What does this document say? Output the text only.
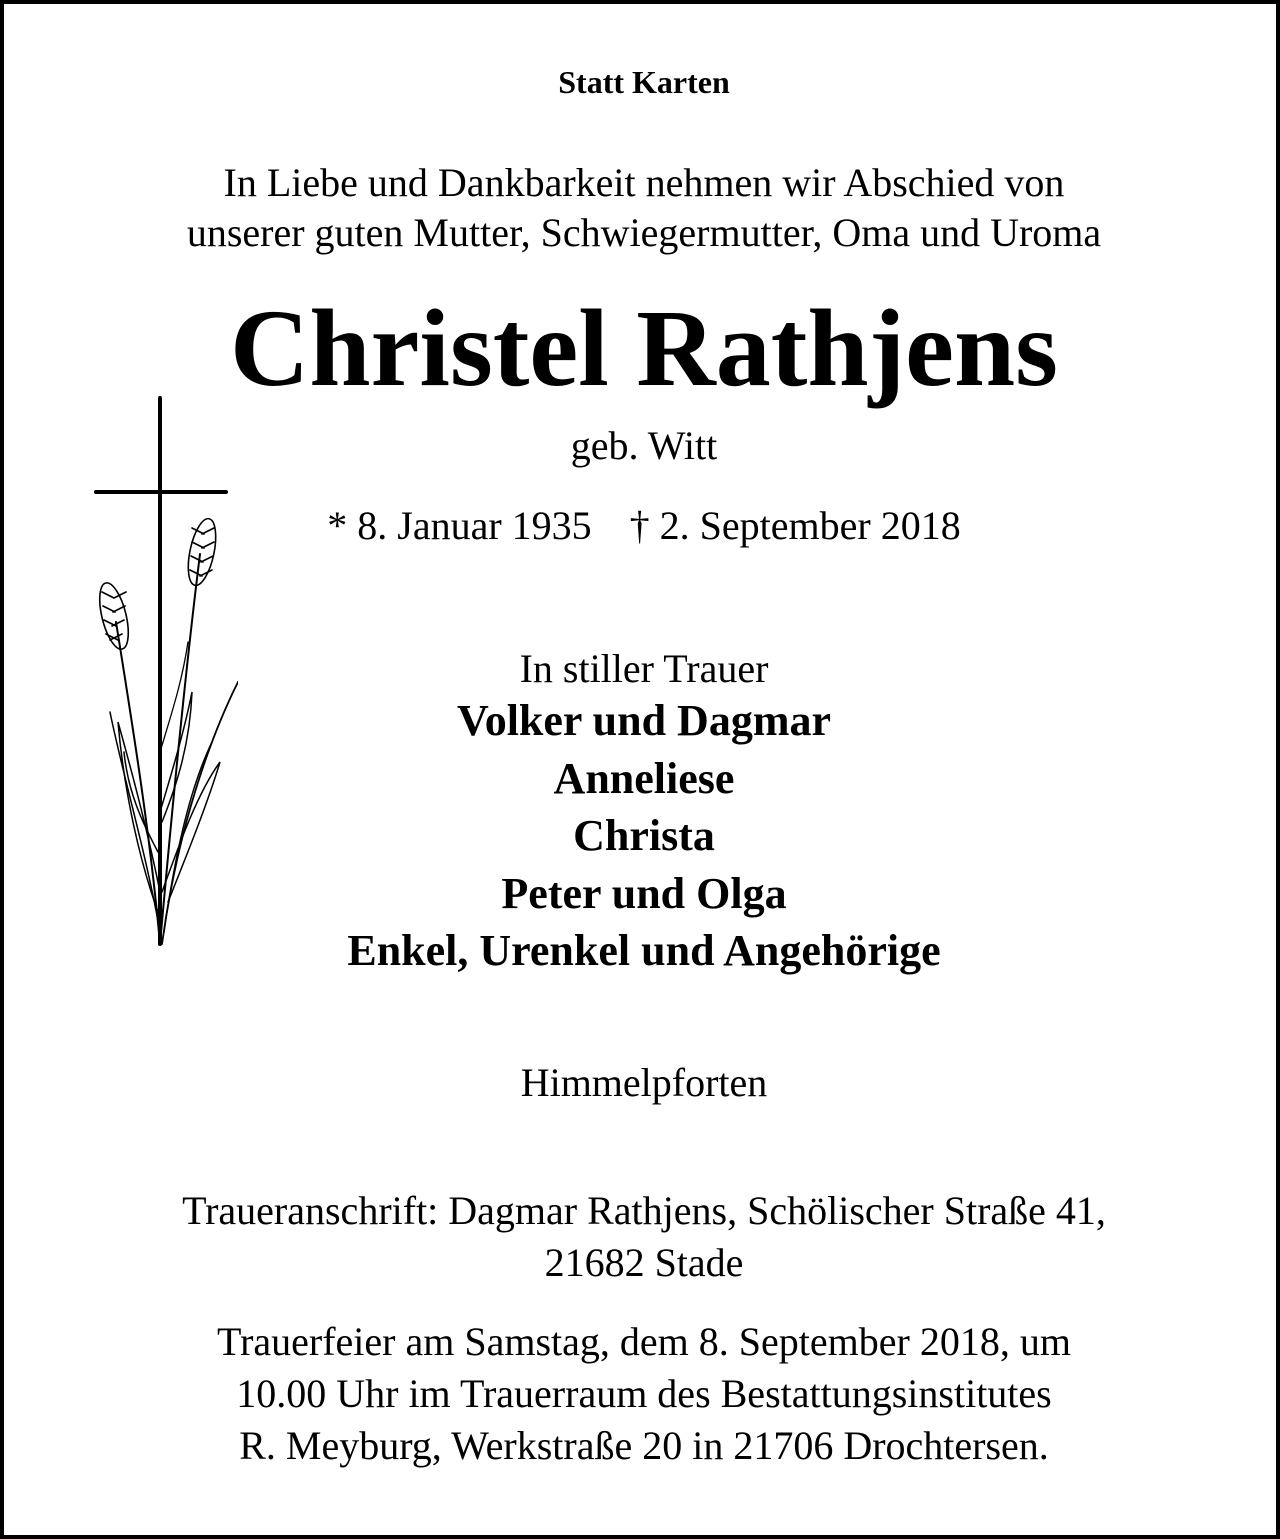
Statt Karten
In Liebe und Dankbarkeit nehmen wir Abschied von
unserer guten Mutter, Schwiegermutter, Oma und Uroma
Christel Rathjens
geb. Witt
* 8. Januar 1935 † 2. September 2018
In stiller Trauer
Volker und Dagmar
Anneliese
Christa
Peter und Olga
Enkel, Urenkel und Angehörige
Himmelpforten
Traueranschrift: Dagmar Rathjens, Schölischer Straße 41,
21682 Stade
Trauerfeier am Samstag, dem 8. September 2018, um
10.00 Uhr im Trauerraum des Bestattungsinstitutes
R. Meyburg, Werkstraße 20 in 21706 Drochtersen.
